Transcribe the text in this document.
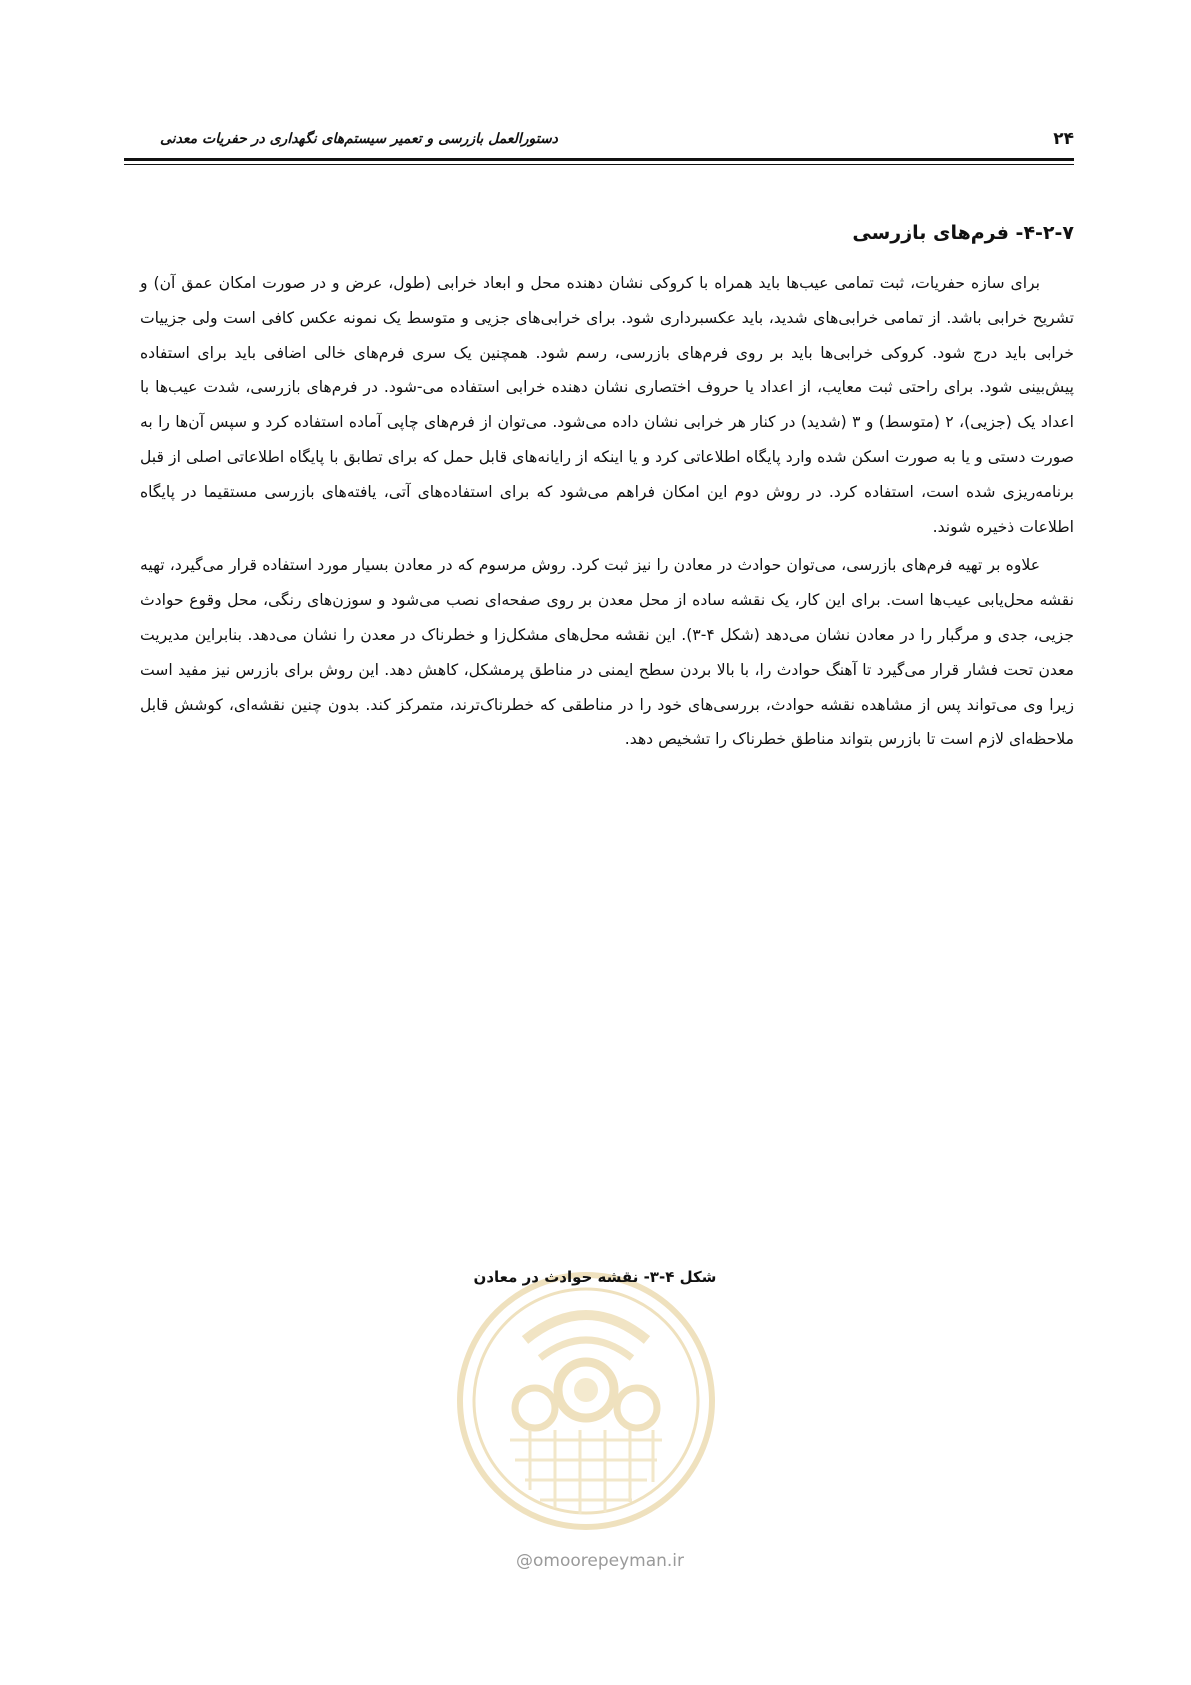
۲۴
دستورالعمل بازرسی و تعمیر سیستم‌های نگهداری در حفریات معدنی
۴-۲-۷- فرم‌های بازرسی

برای سازه حفریات، ثبت تمامی عیب‌ها باید همراه با کروکی نشان دهنده محل و ابعاد خرابی (طول، عرض و در صورت امکان عمق آن) و تشریح خرابی باشد. از تمامی خرابی‌های شدید، باید عکسبرداری شود. برای خرابی‌های جزیی و متوسط یک نمونه عکس کافی است ولی جزییات خرابی باید درج شود. کروکی خرابی‌ها باید بر روی فرم‌های بازرسی، رسم شود. همچنین یک سری فرم‌های خالی اضافی باید برای استفاده پیش‌بینی شود. برای راحتی ثبت معایب، از اعداد یا حروف اختصاری نشان دهنده خرابی استفاده می-شود. در فرم‌های بازرسی، شدت عیب‌ها با اعداد یک (جزیی)، ۲ (متوسط) و ۳ (شدید) در کنار هر خرابی نشان داده می‌شود. می‌توان از فرم‌های چاپی آماده استفاده کرد و سپس آن‌ها را به صورت دستی و یا به صورت اسکن شده وارد پایگاه اطلاعاتی کرد و یا اینکه از رایانه‌های قابل حمل که برای تطابق با پایگاه اطلاعاتی اصلی از قبل برنامه‌ریزی شده است، استفاده کرد. در روش دوم این امکان فراهم می‌شود که برای استفاده‌های آتی، یافته‌های بازرسی مستقیما در پایگاه اطلاعات ذخیره شوند.

علاوه بر تهیه فرم‌های بازرسی، می‌توان حوادث در معادن را نیز ثبت کرد. روش مرسوم که در معادن بسیار مورد استفاده قرار می‌گیرد، تهیه نقشه محل‌یابی عیب‌ها است. برای این کار، یک نقشه ساده از محل معدن بر روی صفحه‌ای نصب می‌شود و سوزن‌های رنگی، محل وقوع حوادث جزیی، جدی و مرگبار را در معادن نشان می‌دهد (شکل ۴-۳). این نقشه محل‌های مشکل‌زا و خطرناک در معدن را نشان می‌دهد. بنابراین مدیریت معدن تحت فشار قرار می‌گیرد تا آهنگ حوادث را، با بالا بردن سطح ایمنی در مناطق پرمشکل، کاهش دهد. این روش برای بازرس نیز مفید است زیرا وی می‌تواند پس از مشاهده نقشه حوادث، بررسی‌های خود را در مناطقی که خطرناک‌ترند، متمرکز کند. بدون چنین نقشه‌ای، کوشش قابل ملاحظه‌ای لازم است تا بازرس بتواند مناطق خطرناک را تشخیص دهد.

شکل ۴-۳- نقشه حوادث در معادن
@omoorepeyman.ir
